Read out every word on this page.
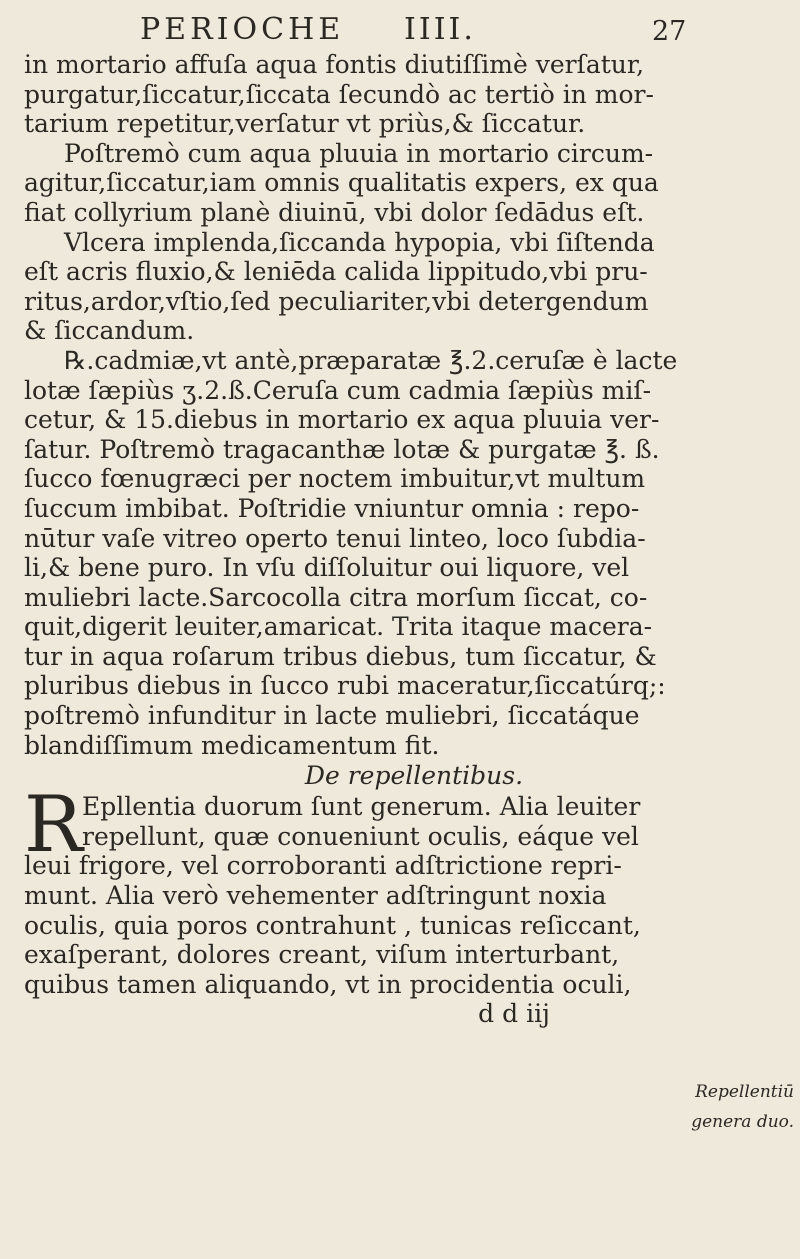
PERIOCHE IIII.	27
in mortario affuſa aqua fontis diutiſſimè verſatur,
purgatur,ſiccatur,ſiccata ſecundò ac tertiò in mor-
tarium repetitur,verſatur vt priùs,& ſiccatur.
Poſtremò cum aqua pluuia in mortario circum-
agitur,ſiccatur,iam omnis qualitatis expers, ex qua
fiat collyrium planè diuinū, vbi dolor ſedādus eſt.
Vlcera implenda,ſiccanda hypopia, vbi ſiſtenda
eſt acris fluxio,& leniēda calida lippitudo,vbi pru-
ritus,ardor,vſtio,ſed peculiariter,vbi detergendum
& ſiccandum.
℞.cadmiæ,vt antè,præparatæ ℥.2.ceruſæ è lacte
lotæ ſæpiùs ʒ.2.ß.Ceruſa cum cadmia ſæpiùs miſ-
cetur, & 15.diebus in mortario ex aqua pluuia ver-
ſatur. Poſtremò tragacanthæ lotæ & purgatæ ℥. ß.
ſucco fœnugræci per noctem imbuitur,vt multum
ſuccum imbibat. Poſtridie vniuntur omnia : repo-
nūtur vaſe vitreo operto tenui linteo, loco ſubdia-
li,& bene puro. In vſu diſſoluitur oui liquore, vel
muliebri lacte.Sarcocolla citra morſum ſiccat, co-
quit,digerit leuiter,amaricat. Trita itaque macera-
tur in aqua roſarum tribus diebus, tum ſiccatur, &
pluribus diebus in ſucco rubi maceratur,ſiccatúrq;:
poſtremò infunditur in lacte muliebri, ſiccatáque
blandiſſimum medicamentum fit.
De repellentibus.
R Epllentia duorum ſunt generum. Alia leuiter
repellunt, quæ conueniunt oculis, eáque vel
leui frigore, vel corroboranti adſtrictione repri-
munt. Alia verò vehementer adſtringunt noxia
oculis, quia poros contrahunt , tunicas reſiccant,
exaſperant, dolores creant, viſum interturbant,
quibus tamen aliquando, vt in procidentia oculi,
d d iij
Repellentiū
genera duo.
